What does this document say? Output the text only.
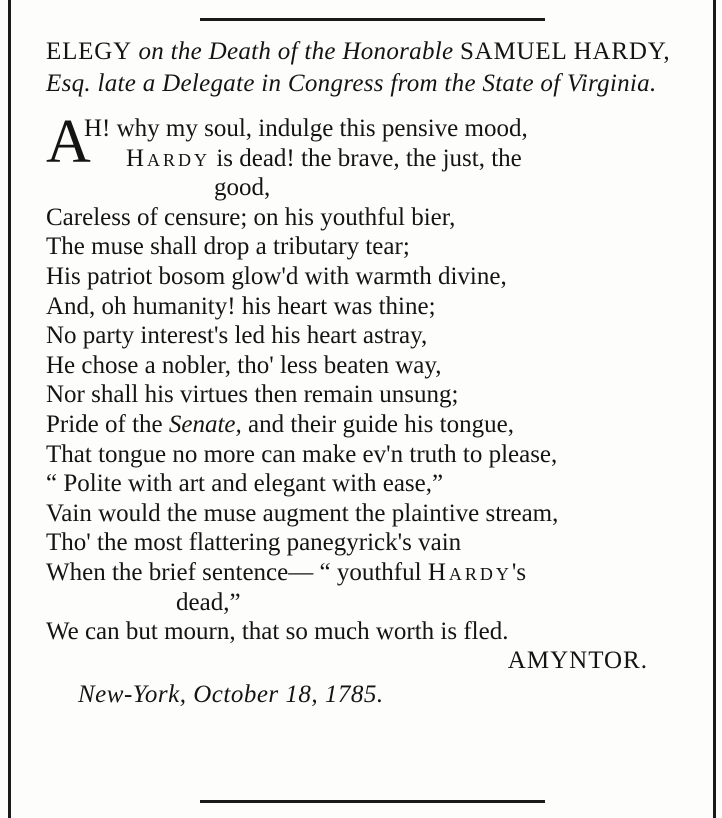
ELEGY on the Death of the Honorable SAMUEL HARDY, Esq. late a Delegate in Congress from the State of Virginia.

A
H! why my soul, indulge this pensive mood,
Hardy is dead! the brave, the just, the
good,
Careless of censure; on his youthful bier,
The muse shall drop a tributary tear;
His patriot bosom glow'd with warmth divine,
And, oh humanity! his heart was thine;
No party interest's led his heart astray,
He chose a nobler, tho' less beaten way,
Nor shall his virtues then remain unsung;
Pride of the Senate, and their guide his tongue,
That tongue no more can make ev'n truth to please,
“ Polite with art and elegant with ease,”
Vain would the muse augment the plaintive stream,
Tho' the most flattering panegyrick's vain
When the brief sentence— “ youthful Hardy's
dead,”
We can but mourn, that so much worth is fled.
AMYNTOR.
New-York, October 18, 1785.
